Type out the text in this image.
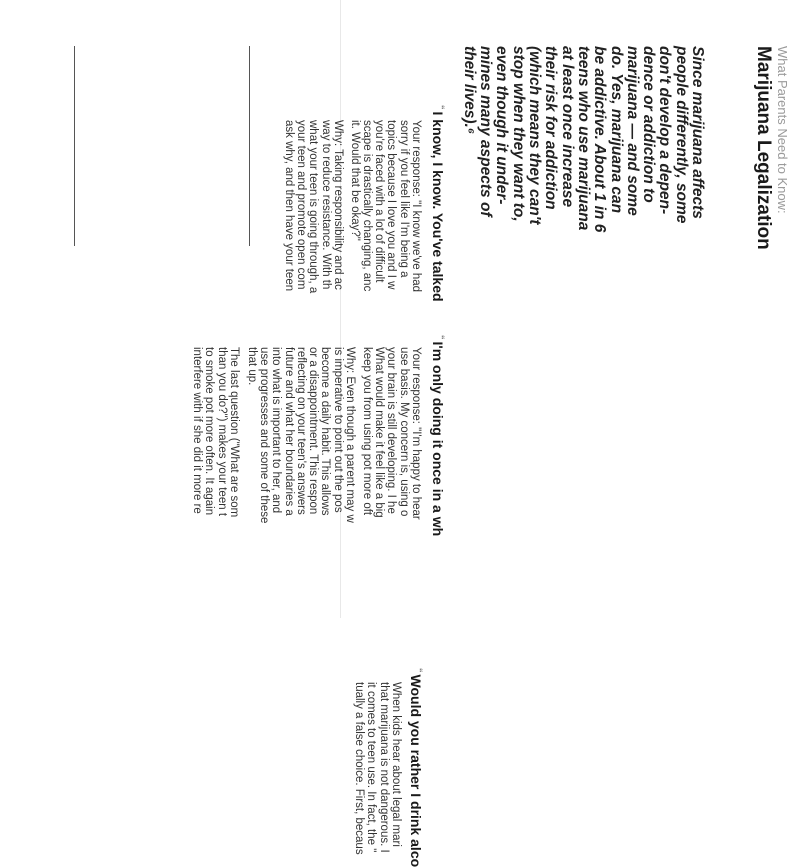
What Parents Need to Know:
Marijuana Legalization
Since marijuana affects
people differently, some
don't develop a depen-
dence or addiction to
marijuana — and some
do. Yes, marijuana can
be addictive. About 1 in 6
teens who use marijuana
at least once increase
their risk for addiction
(which means they can't
stop when they want to,
even though it under-
mines many aspects of
their lives).⁶
“I know, I know. You've talked
Your response: "I know we've had
sorry if you feel like I'm being a
topics because I love you and I w
you're faced with a lot of difficult
scape is drastically changing, anc
it. Would that be okay?"
Why: Taking responsibility and ac
way to reduce resistance. With th
what your teen is going through, a
your teen and promote open com
ask why, and then have your teen
“I'm only doing it once in a wh
Your response: "I'm happy to hear
use basis. My concern is, using o
your brain is still developing. I he
What would make it feel like a big
keep you from using pot more oft
Why: Even though a parent may w
is imperative to point out the pos
become a daily habit. This allows
or a disappointment. This respon
reflecting on your teen's answers
future and what her boundaries a
into what is important to her, and
use progresses and some of these
that up.
The last question ("What are som
than you do?") makes your teen t
to smoke pot more often. It again
interfere with if she did it more re
“Would you rather I drink alco
When kids hear about legal mari
that marijuana is not dangerous. I
it comes to teen use. In fact, the "
tually a false choice. First, becaus
